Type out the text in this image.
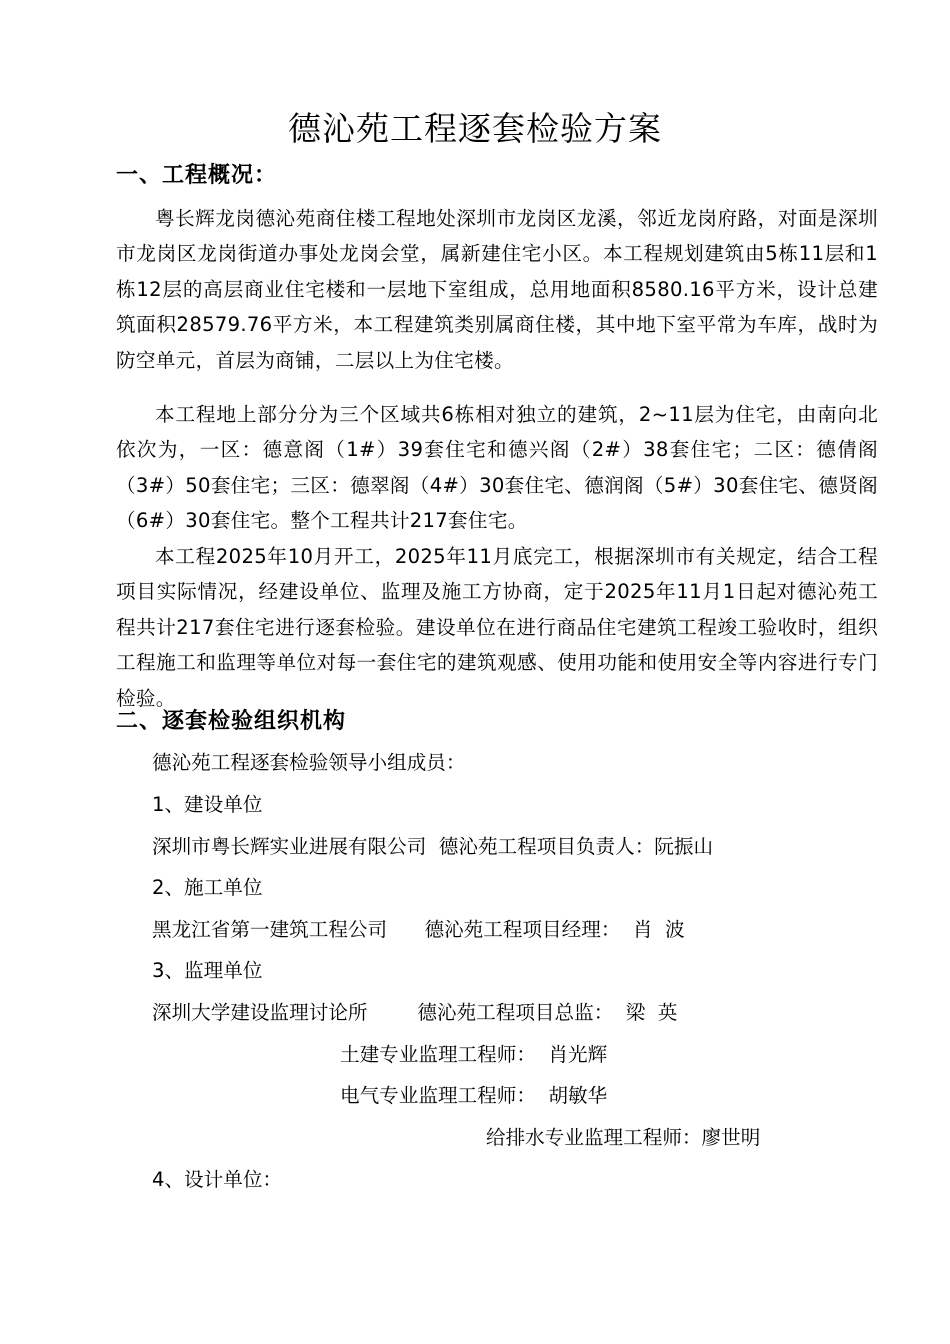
德沁苑工程逐套检验方案
一、工程概况：
粤长辉龙岗德沁苑商住楼工程地处深圳市龙岗区龙溪，邻近龙岗府路，对面是深圳市龙岗区龙岗街道办事处龙岗会堂，属新建住宅小区。本工程规划建筑由5栋11层和1栋12层的高层商业住宅楼和一层地下室组成，总用地面积8580.16平方米，设计总建筑面积28579.76平方米，本工程建筑类别属商住楼，其中地下室平常为车库，战时为防空单元，首层为商铺，二层以上为住宅楼。
本工程地上部分分为三个区域共6栋相对独立的建筑，2~11层为住宅，由南向北依次为，一区：德意阁（1#）39套住宅和德兴阁（2#）38套住宅；二区：德倩阁（3#）50套住宅；三区：德翠阁（4#）30套住宅、德润阁（5#）30套住宅、德贤阁（6#）30套住宅。整个工程共计217套住宅。
本工程2025年10月开工，2025年11月底完工，根据深圳市有关规定，结合工程项目实际情况，经建设单位、监理及施工方协商，定于2025年11月1日起对德沁苑工程共计217套住宅进行逐套检验。建设单位在进行商品住宅建筑工程竣工验收时，组织工程施工和监理等单位对每一套住宅的建筑观感、使用功能和使用安全等内容进行专门检验。
二、逐套检验组织机构
德沁苑工程逐套检验领导小组成员：
1、建设单位
深圳市粤长辉实业进展有限公司  德沁苑工程项目负责人：阮振山
2、施工单位
黑龙江省第一建筑工程公司      德沁苑工程项目经理：  肖  波
3、监理单位
深圳大学建设监理讨论所        德沁苑工程项目总监：  梁  英
土建专业监理工程师：  肖光辉
电气专业监理工程师：  胡敏华
给排水专业监理工程师：廖世明
4、设计单位：
